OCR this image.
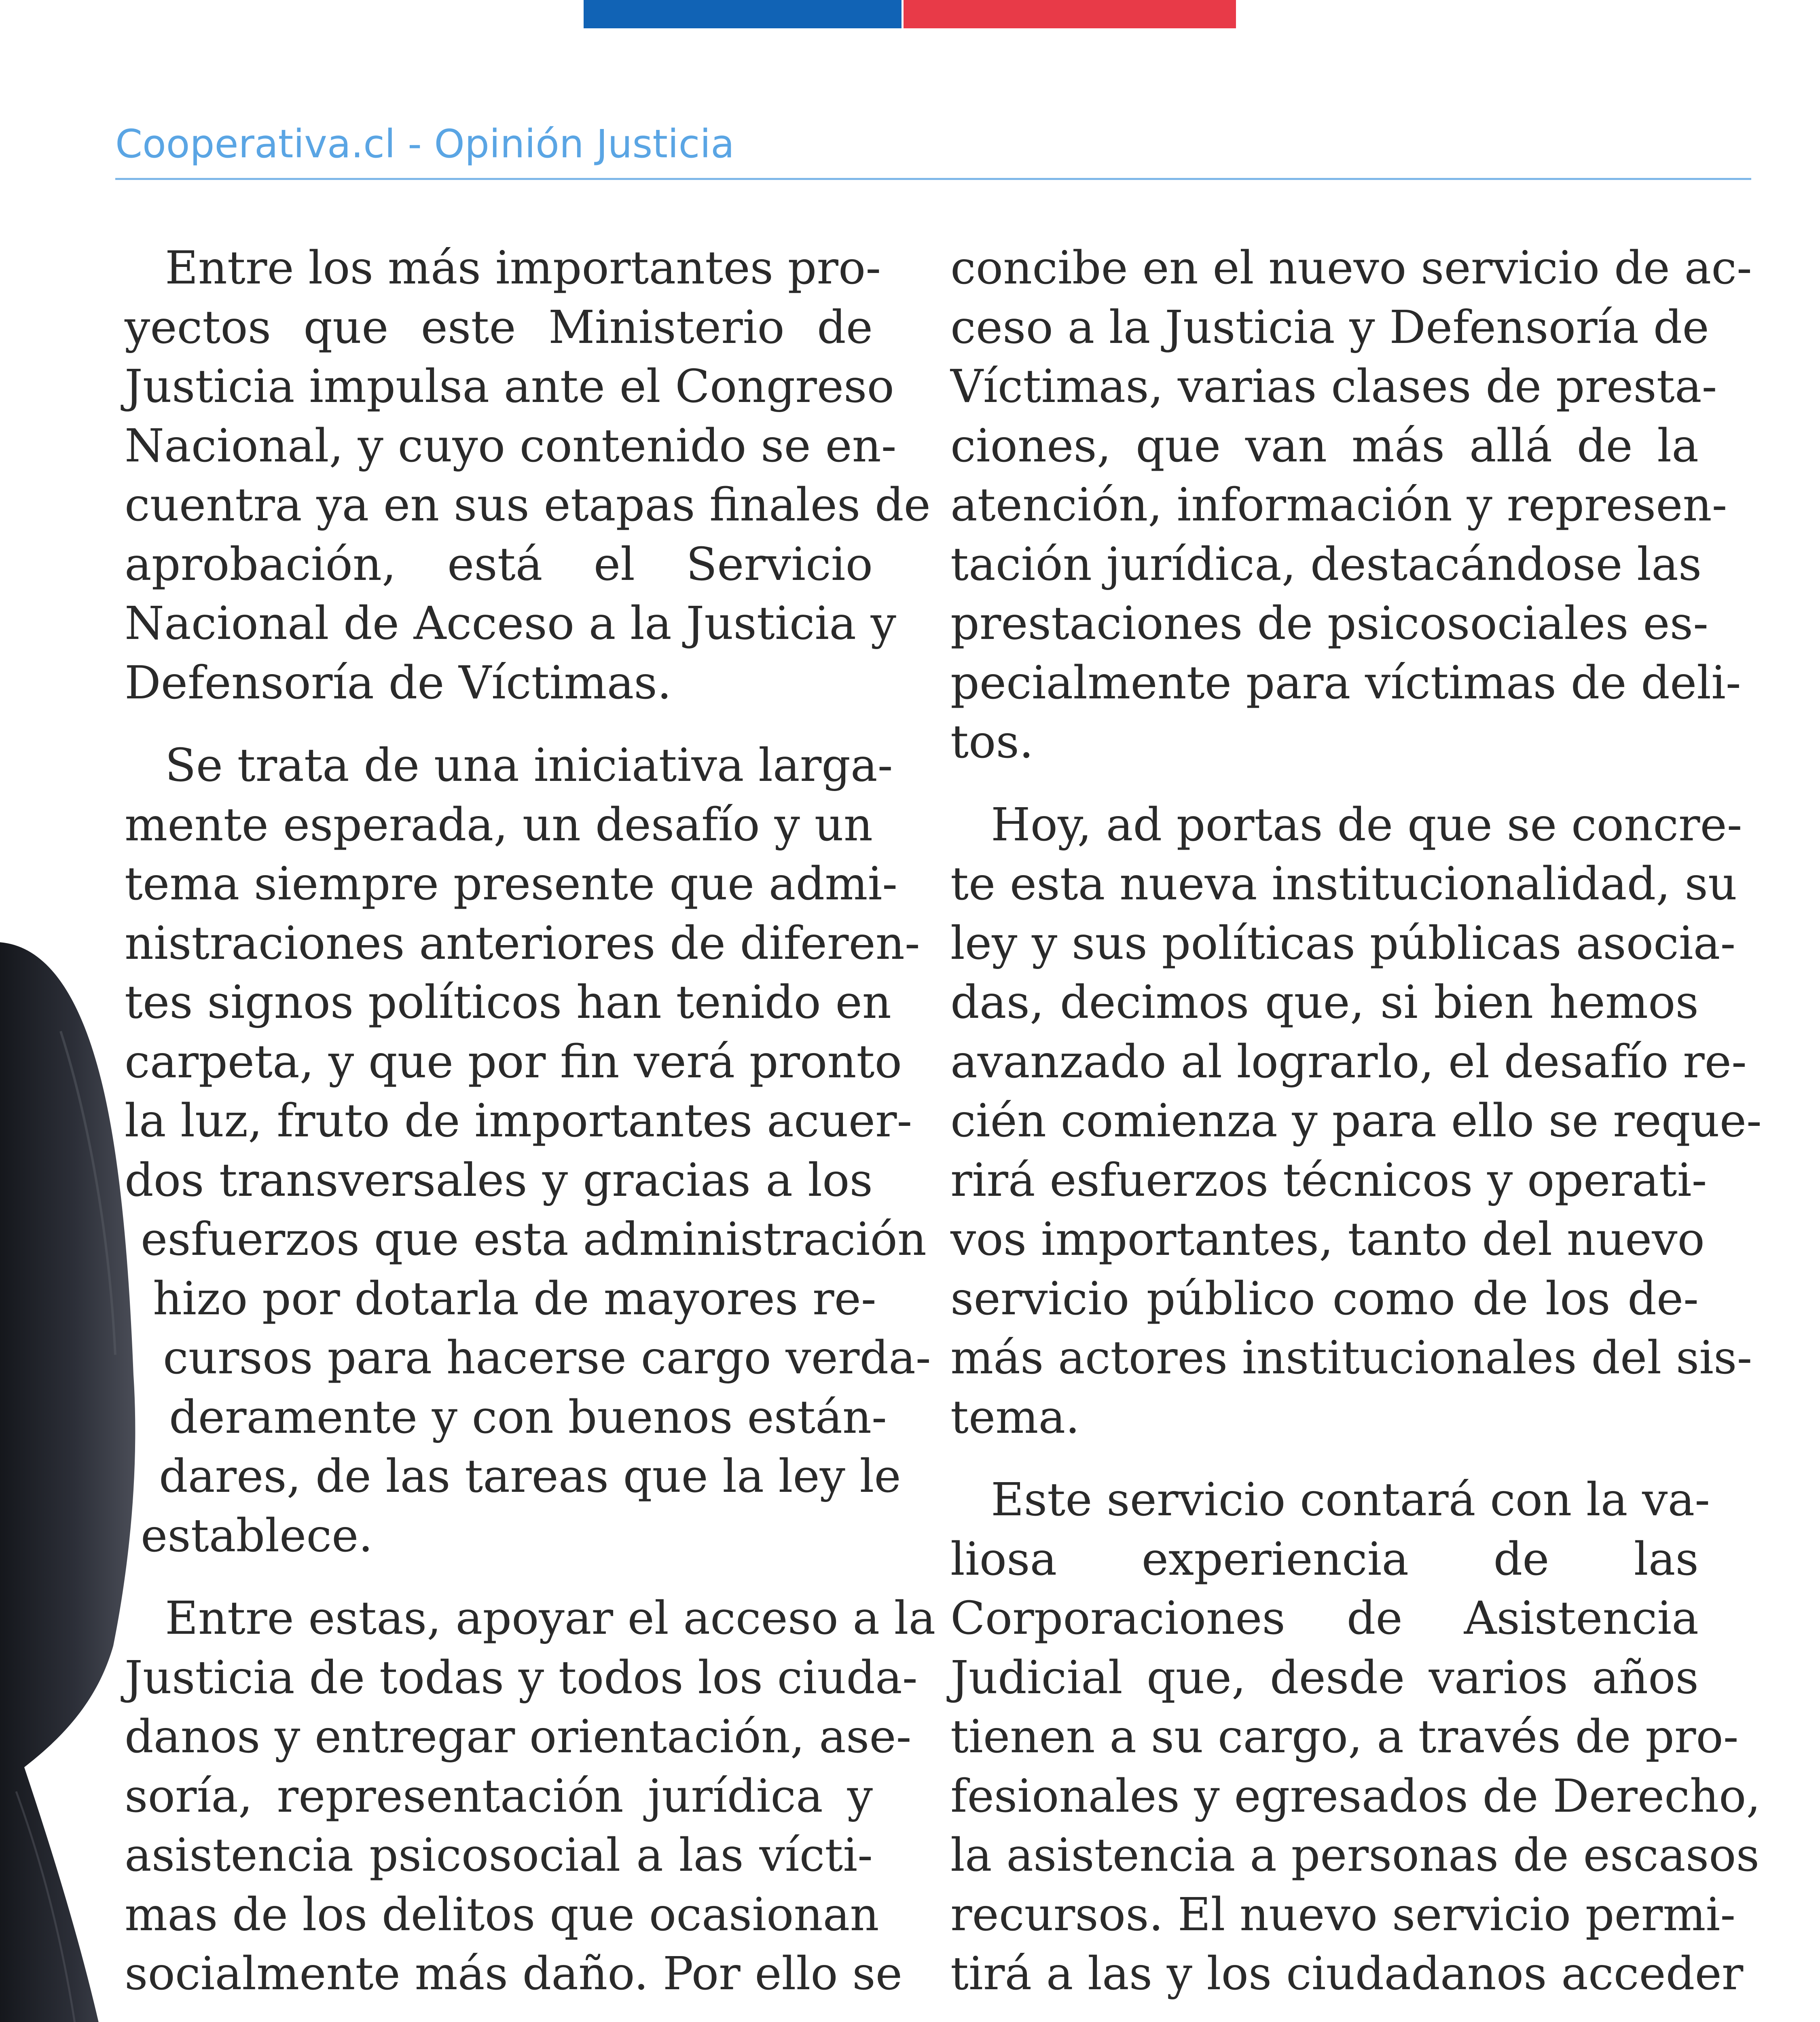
Cooperativa.cl - Opinión Justicia

Entre los más importantes pro-
yectos que este Ministerio de
Justicia impulsa ante el Congreso
Nacional, y cuyo contenido se en-
cuentra ya en sus etapas finales de
aprobación, está el Servicio
Nacional de Acceso a la Justicia y
Defensoría de Víctimas.

Se trata de una iniciativa larga-
mente esperada, un desafío y un
tema siempre presente que admi-
nistraciones anteriores de diferen-
tes signos políticos han tenido en
carpeta, y que por fin verá pronto
la luz, fruto de importantes acuer-
dos transversales y gracias a los
esfuerzos que esta administración
hizo por dotarla de mayores re-
cursos para hacerse cargo verda-
deramente y con buenos están-
dares, de las tareas que la ley le
establece.

Entre estas, apoyar el acceso a la
Justicia de todas y todos los ciuda-
danos y entregar orientación, ase-
soría, representación jurídica y
asistencia psicosocial a las vícti-
mas de los delitos que ocasionan
socialmente más daño. Por ello se

concibe en el nuevo servicio de ac-
ceso a la Justicia y Defensoría de
Víctimas, varias clases de presta-
ciones, que van más allá de la
atención, información y represen-
tación jurídica, destacándose las
prestaciones de psicosociales es-
pecialmente para víctimas de deli-
tos.

Hoy, ad portas de que se concre-
te esta nueva institucionalidad, su
ley y sus políticas públicas asocia-
das, decimos que, si bien hemos
avanzado al lograrlo, el desafío re-
cién comienza y para ello se reque-
rirá esfuerzos técnicos y operati-
vos importantes, tanto del nuevo
servicio público como de los de-
más actores institucionales del sis-
tema.

Este servicio contará con la va-
liosa experiencia de las
Corporaciones de Asistencia
Judicial que, desde varios años
tienen a su cargo, a través de pro-
fesionales y egresados de Derecho,
la asistencia a personas de escasos
recursos. El nuevo servicio permi-
tirá a las y los ciudadanos acceder
